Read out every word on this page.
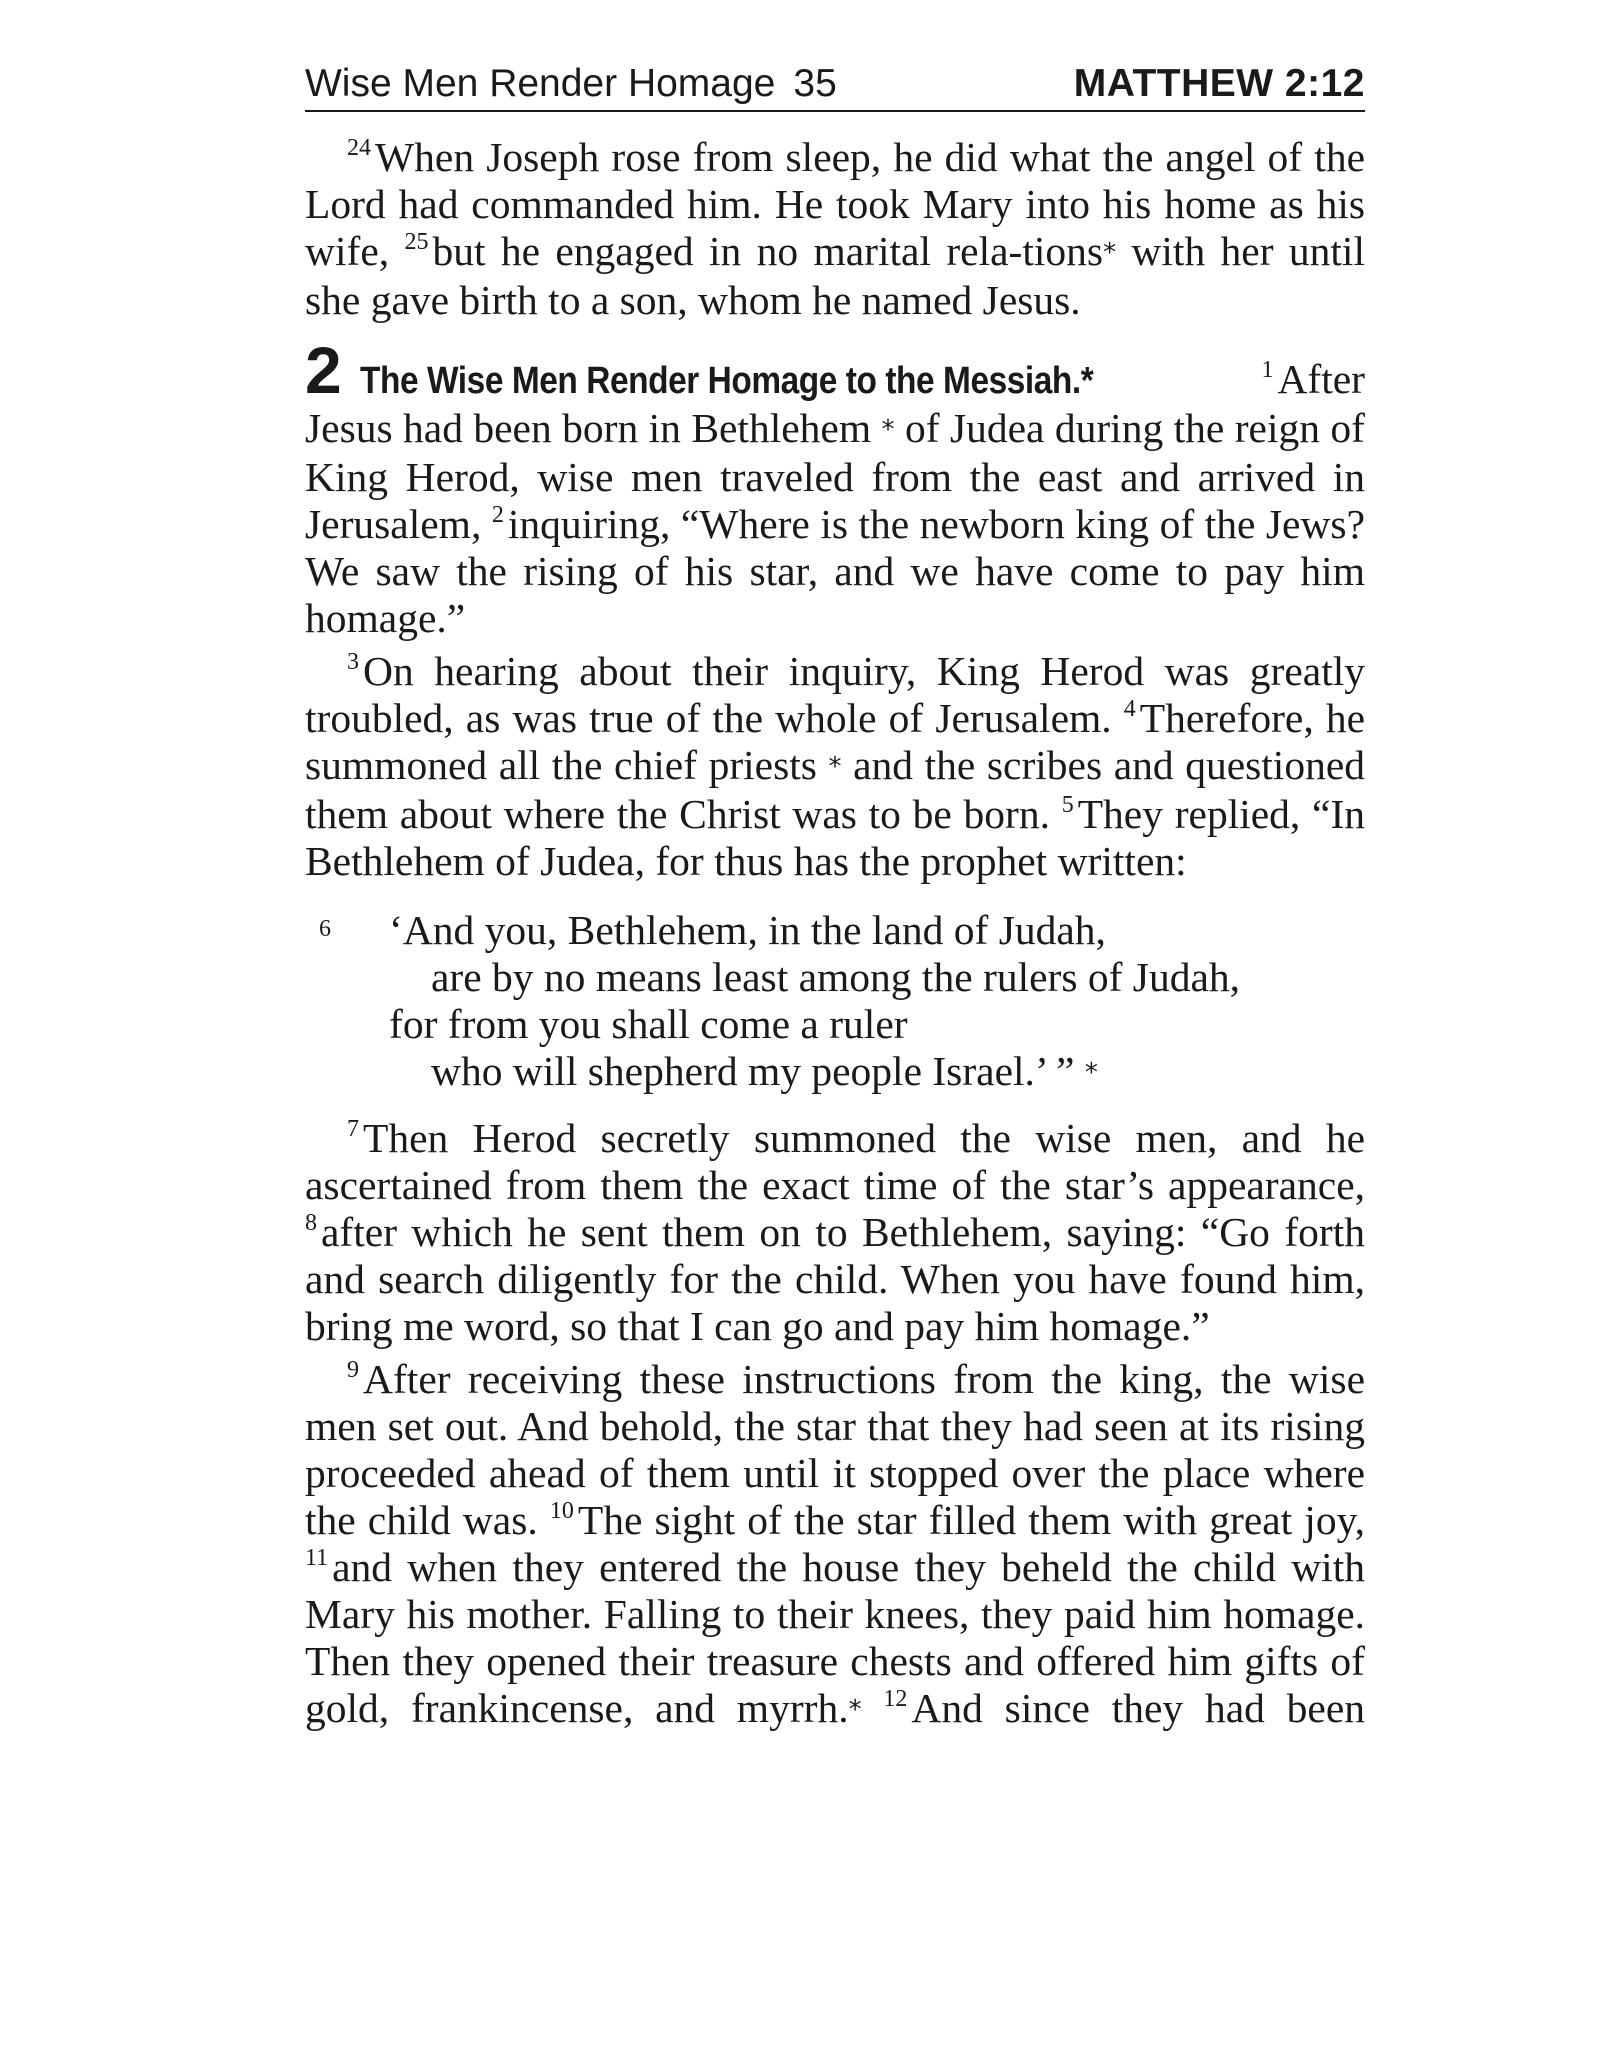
Wise Men Render Homage 35	MATTHEW 2:12

$^{24}$When Joseph rose from sleep, he did what the angel of the Lord had commanded him. He took Mary into his home as his wife, $^{25}$but he engaged in no marital rela-tions* with her until she gave birth to a son, whom he named Jesus.

2 The Wise Men Render Homage to the Messiah.*	$^1$After Jesus had been born in Bethlehem * of Judea during the reign of King Herod, wise men traveled from the east and arrived in Jerusalem, $^2$inquiring, “Where is the newborn king of the Jews? We saw the rising of his star, and we have come to pay him homage.”

$^3$On hearing about their inquiry, King Herod was greatly troubled, as was true of the whole of Jerusalem. $^4$Therefore, he summoned all the chief priests * and the scribes and questioned them about where the Christ was to be born. $^5$They replied, “In Bethlehem of Judea, for thus has the prophet written:

6	‘And you, Bethlehem, in the land of Judah,
are by no means least among the rulers of Judah,
for from you shall come a ruler
who will shepherd my people Israel.’ ” *

$^7$Then Herod secretly summoned the wise men, and he ascertained from them the exact time of the star’s appearance, $^8$after which he sent them on to Bethlehem, saying: “Go forth and search diligently for the child. When you have found him, bring me word, so that I can go and pay him homage.”

$^9$After receiving these instructions from the king, the wise men set out. And behold, the star that they had seen at its rising proceeded ahead of them until it stopped over the place where the child was. $^{10}$The sight of the star filled them with great joy, $^{11}$and when they entered the house they beheld the child with Mary his mother. Falling to their knees, they paid him homage. Then they opened their treasure chests and offered him gifts of gold, frankincense, and myrrh.* $^{12}$And since they had been
